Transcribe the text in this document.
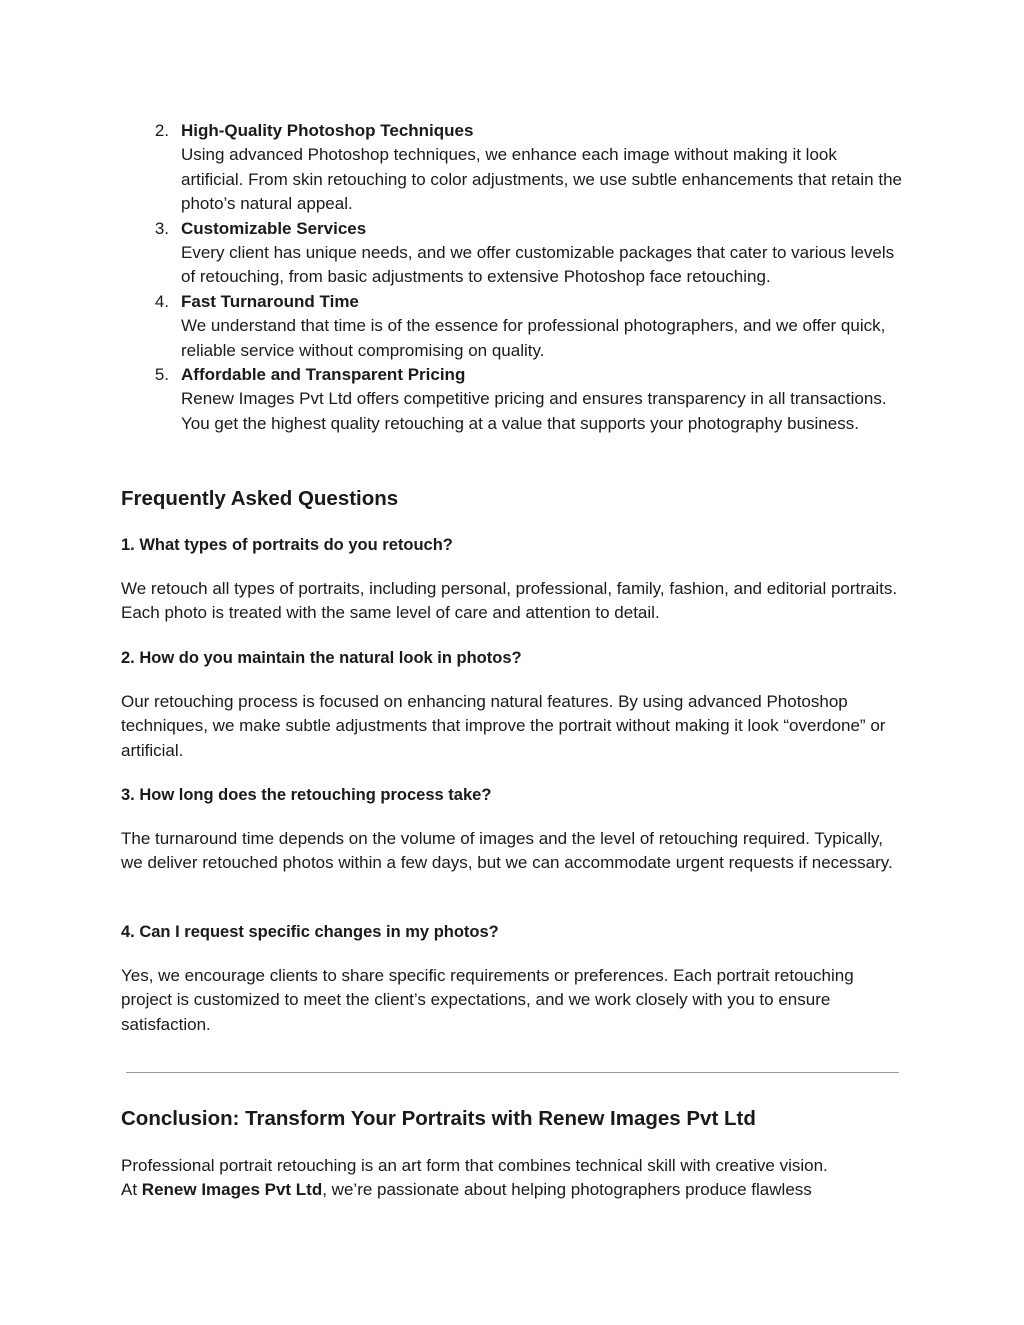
2. High-Quality Photoshop Techniques
Using advanced Photoshop techniques, we enhance each image without making it look artificial. From skin retouching to color adjustments, we use subtle enhancements that retain the photo’s natural appeal.
3. Customizable Services
Every client has unique needs, and we offer customizable packages that cater to various levels of retouching, from basic adjustments to extensive Photoshop face retouching.
4. Fast Turnaround Time
We understand that time is of the essence for professional photographers, and we offer quick, reliable service without compromising on quality.
5. Affordable and Transparent Pricing
Renew Images Pvt Ltd offers competitive pricing and ensures transparency in all transactions. You get the highest quality retouching at a value that supports your photography business.
Frequently Asked Questions
1. What types of portraits do you retouch?

We retouch all types of portraits, including personal, professional, family, fashion, and editorial portraits. Each photo is treated with the same level of care and attention to detail.

2. How do you maintain the natural look in photos?

Our retouching process is focused on enhancing natural features. By using advanced Photoshop techniques, we make subtle adjustments that improve the portrait without making it look “overdone” or artificial.

3. How long does the retouching process take?

The turnaround time depends on the volume of images and the level of retouching required. Typically, we deliver retouched photos within a few days, but we can accommodate urgent requests if necessary.

4. Can I request specific changes in my photos?

Yes, we encourage clients to share specific requirements or preferences. Each portrait retouching project is customized to meet the client’s expectations, and we work closely with you to ensure satisfaction.

Conclusion: Transform Your Portraits with Renew Images Pvt Ltd

Professional portrait retouching is an art form that combines technical skill with creative vision.
At Renew Images Pvt Ltd, we’re passionate about helping photographers produce flawless
